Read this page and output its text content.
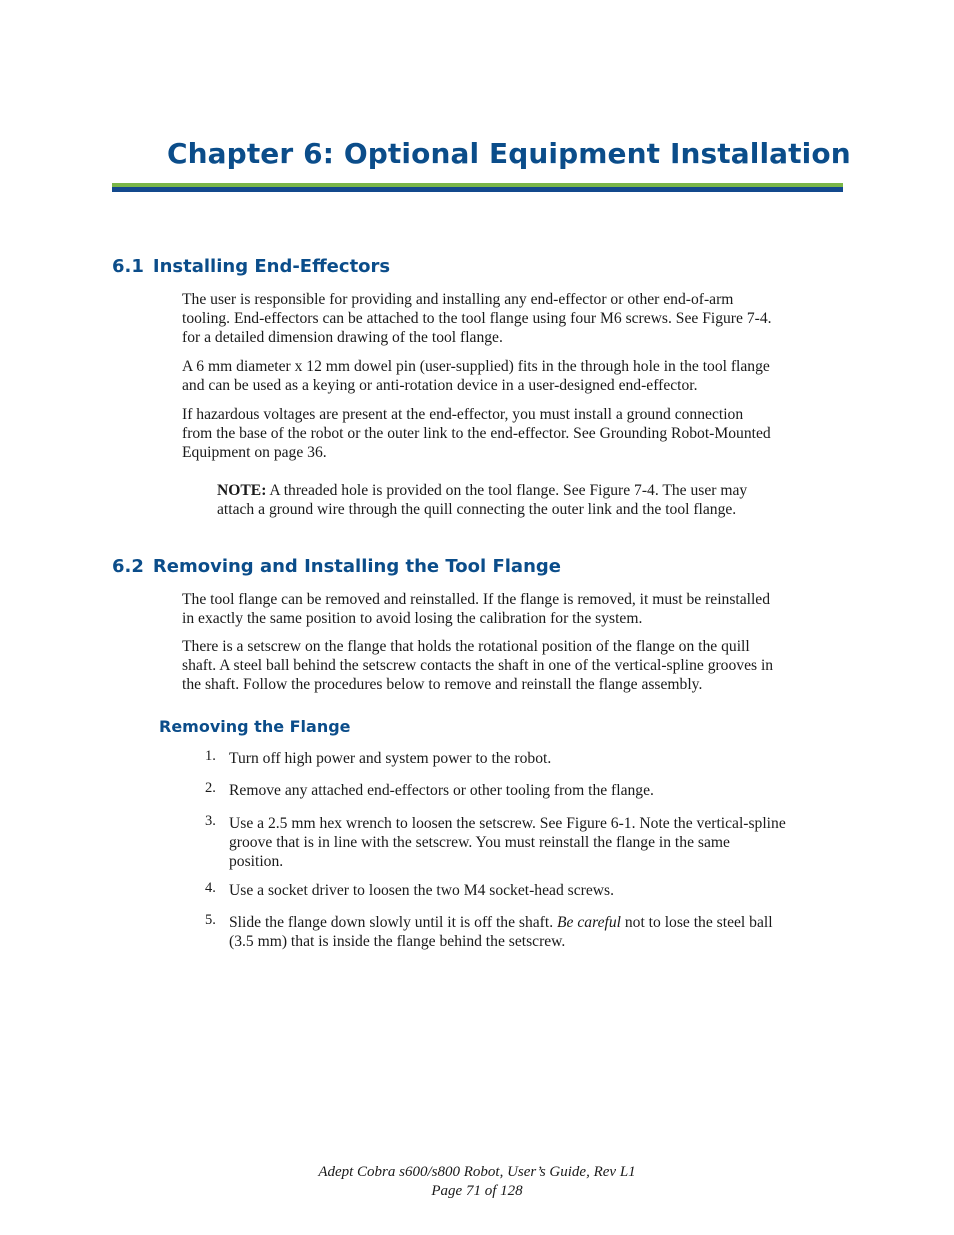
Chapter 6: Optional Equipment Installation
6.1 Installing End-Effectors

The user is responsible for providing and installing any end-effector or other end-of-arm
tooling. End-effectors can be attached to the tool flange using four M6 screws. See Figure 7-4.
for a detailed dimension drawing of the tool flange.

A 6 mm diameter x 12 mm dowel pin (user-supplied) fits in the through hole in the tool flange
and can be used as a keying or anti-rotation device in a user-designed end-effector.

If hazardous voltages are present at the end-effector, you must install a ground connection
from the base of the robot or the outer link to the end-effector. See Grounding Robot-Mounted
Equipment on page 36.

NOTE: A threaded hole is provided on the tool flange. See Figure 7-4. The user may
attach a ground wire through the quill connecting the outer link and the tool flange.

6.2 Removing and Installing the Tool Flange

The tool flange can be removed and reinstalled. If the flange is removed, it must be reinstalled
in exactly the same position to avoid losing the calibration for the system.

There is a setscrew on the flange that holds the rotational position of the flange on the quill
shaft. A steel ball behind the setscrew contacts the shaft in one of the vertical-spline grooves in
the shaft. Follow the procedures below to remove and reinstall the flange assembly.

Removing the Flange
1. Turn off high power and system power to the robot.
2. Remove any attached end-effectors or other tooling from the flange.
3. Use a 2.5 mm hex wrench to loosen the setscrew. See Figure 6-1. Note the vertical-spline
groove that is in line with the setscrew. You must reinstall the flange in the same
position.
4. Use a socket driver to loosen the two M4 socket-head screws.
5. Slide the flange down slowly until it is off the shaft. Be careful not to lose the steel ball
(3.5 mm) that is inside the flange behind the setscrew.
Adept Cobra s600/s800 Robot, User’s Guide, Rev L1
Page 71 of 128
